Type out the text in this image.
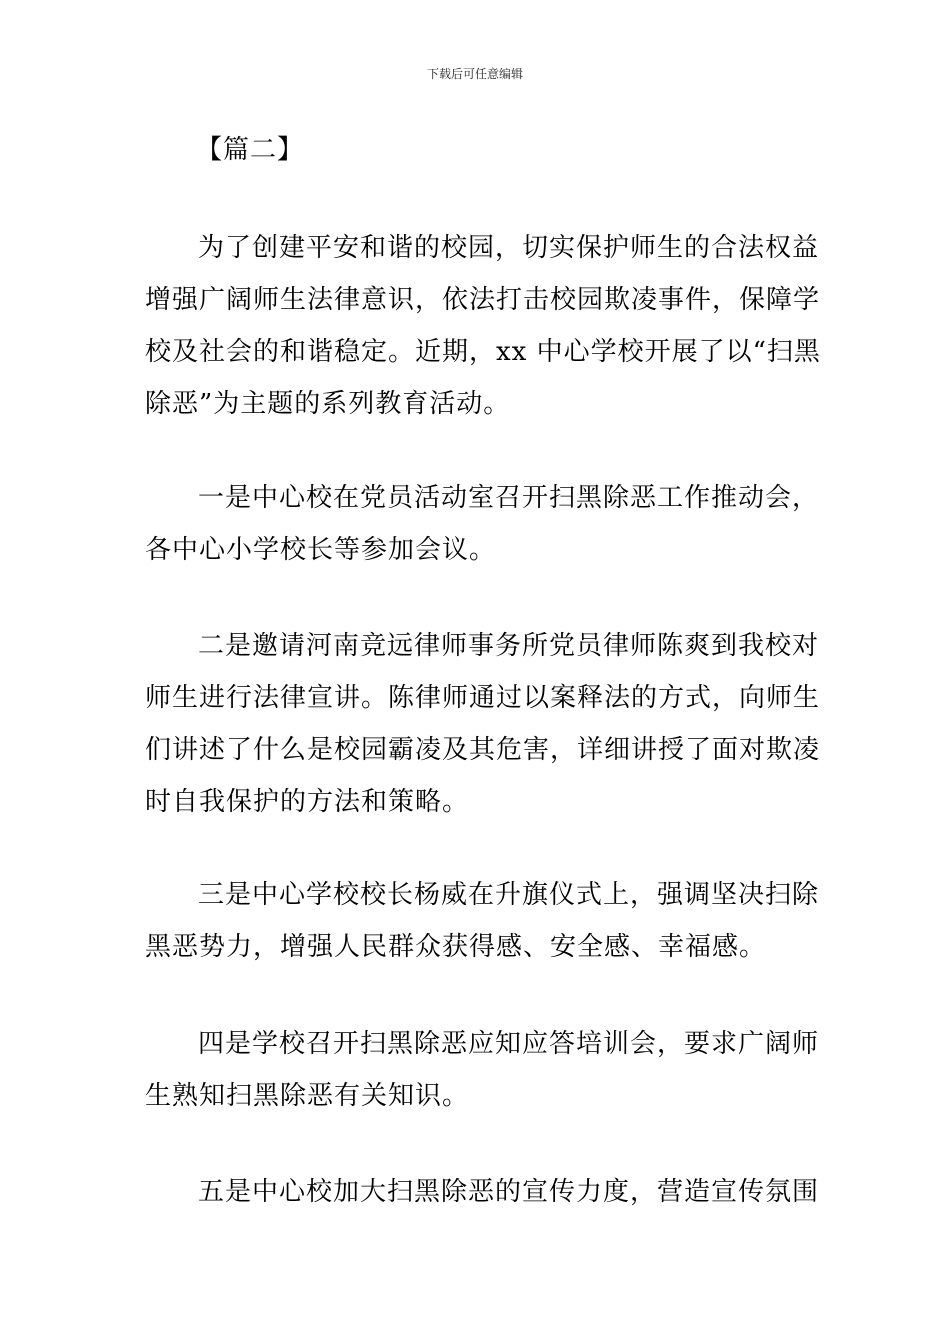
下载后可任意编辑
【篇二】
为了创建平安和谐的校园，切实保护师生的合法权益
增强广阔师生法律意识，依法打击校园欺凌事件，保障学
校及社会的和谐稳定。近期，xx 中心学校开展了以“扫黑
除恶”为主题的系列教育活动。
一是中心校在党员活动室召开扫黑除恶工作推动会，
各中心小学校长等参加会议。
二是邀请河南竞远律师事务所党员律师陈爽到我校对
师生进行法律宣讲。陈律师通过以案释法的方式，向师生
们讲述了什么是校园霸凌及其危害，详细讲授了面对欺凌
时自我保护的方法和策略。
三是中心学校校长杨威在升旗仪式上，强调坚决扫除
黑恶势力，增强人民群众获得感、安全感、幸福感。
四是学校召开扫黑除恶应知应答培训会，要求广阔师
生熟知扫黑除恶有关知识。
五是中心校加大扫黑除恶的宣传力度，营造宣传氛围
